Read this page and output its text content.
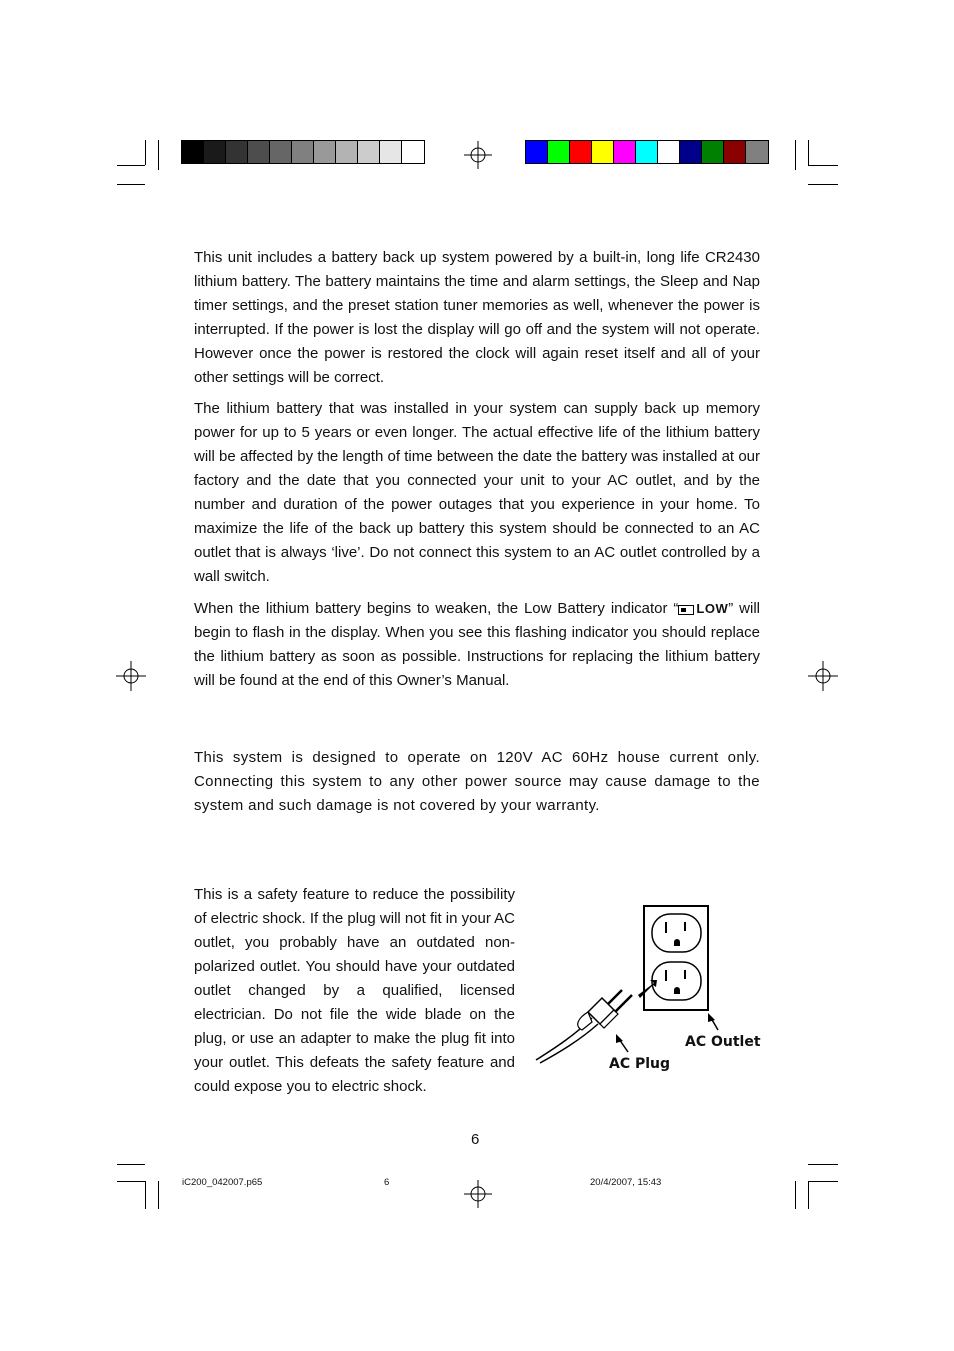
This unit includes a battery back up system powered by a built-in, long life CR2430 lithium battery. The battery maintains the time and alarm settings, the Sleep and Nap timer settings, and the preset station tuner memories as well, whenever the power is interrupted. If the power is lost the display will go off and the system will not operate. However once the power is restored the clock will again reset itself and all of your other settings will be correct.

The lithium battery that was installed in your system can supply back up memory power for up to 5 years or even longer. The actual effective life of the lithium battery will be affected by the length of time between the date the battery was installed at our factory and the date that you connected your unit to your AC outlet, and by the number and duration of the power outages that you experience in your home. To maximize the life of the back up battery this system should be connected to an AC outlet that is always ‘live’. Do not connect this system to an AC outlet controlled by a wall switch.

When the lithium battery begins to weaken, the Low Battery indicator “ LOW” will begin to flash in the display. When you see this flashing indicator you should replace the lithium battery as soon as possible. Instructions for replacing the lithium battery will be found at the end of this Owner’s Manual.

This system is designed to operate on 120V AC 60Hz house current only. Connecting this system to any other power source may cause damage to the system and such damage is not covered by your warranty.

This is a safety feature to reduce the possibility of electric shock. If the plug will not fit in your AC outlet, you probably have an outdated non-polarized outlet. You should have your outdated outlet changed by a qualified, licensed electrician. Do not file the wide blade on the plug, or use an adapter to make the plug fit into your outlet. This defeats the safety feature and could expose you to electric shock.

AC Outlet
AC Plug
6
iC200_042007.p65	6	20/4/2007, 15:43
